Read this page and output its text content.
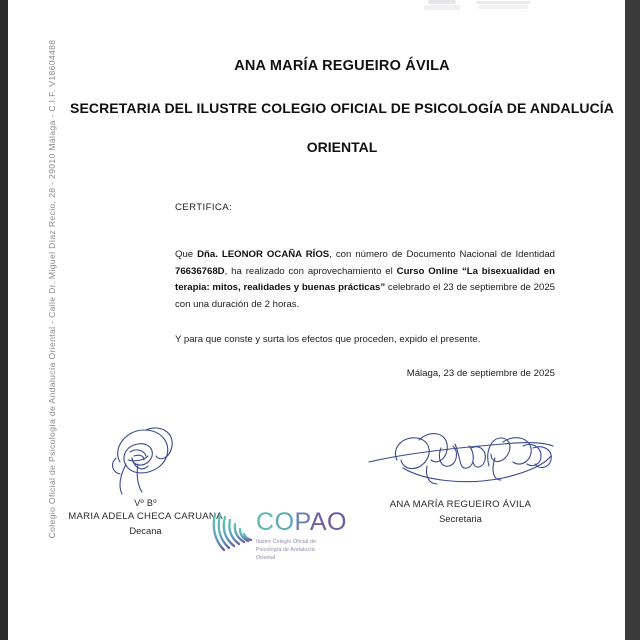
Colegio Oficial de Psicología de Andalucía Oriental - Calle Dr. Miguel Díaz Recio, 28 - 29010 Málaga - C.I.F. V18604488	ANA MARÍA REGUEIRO ÁVILA
SECRETARIA DEL ILUSTRE COLEGIO OFICIAL DE PSICOLOGÍA DE ANDALUCÍA
ORIENTAL
CERTIFICA:
Que Dña. LEONOR OCAÑA RÍOS, con número de Documento Nacional de Identidad 76636768D, ha realizado con aprovechamiento el Curso Online “La bisexualidad en terapia: mitos, realidades y buenas prácticas” celebrado el 23 de septiembre de 2025 con una duración de 2 horas.
Y para que conste y surta los efectos que proceden, expido el presente.
Málaga, 23 de septiembre de 2025
Vº Bº
MARIA ADELA CHECA CARUANA
Decana
ANA MARÍA REGUEIRO ÁVILA
Secretaria
COPAO
Ilustre Colegio Oficial de
Psicología de Andalucía
Oriental
